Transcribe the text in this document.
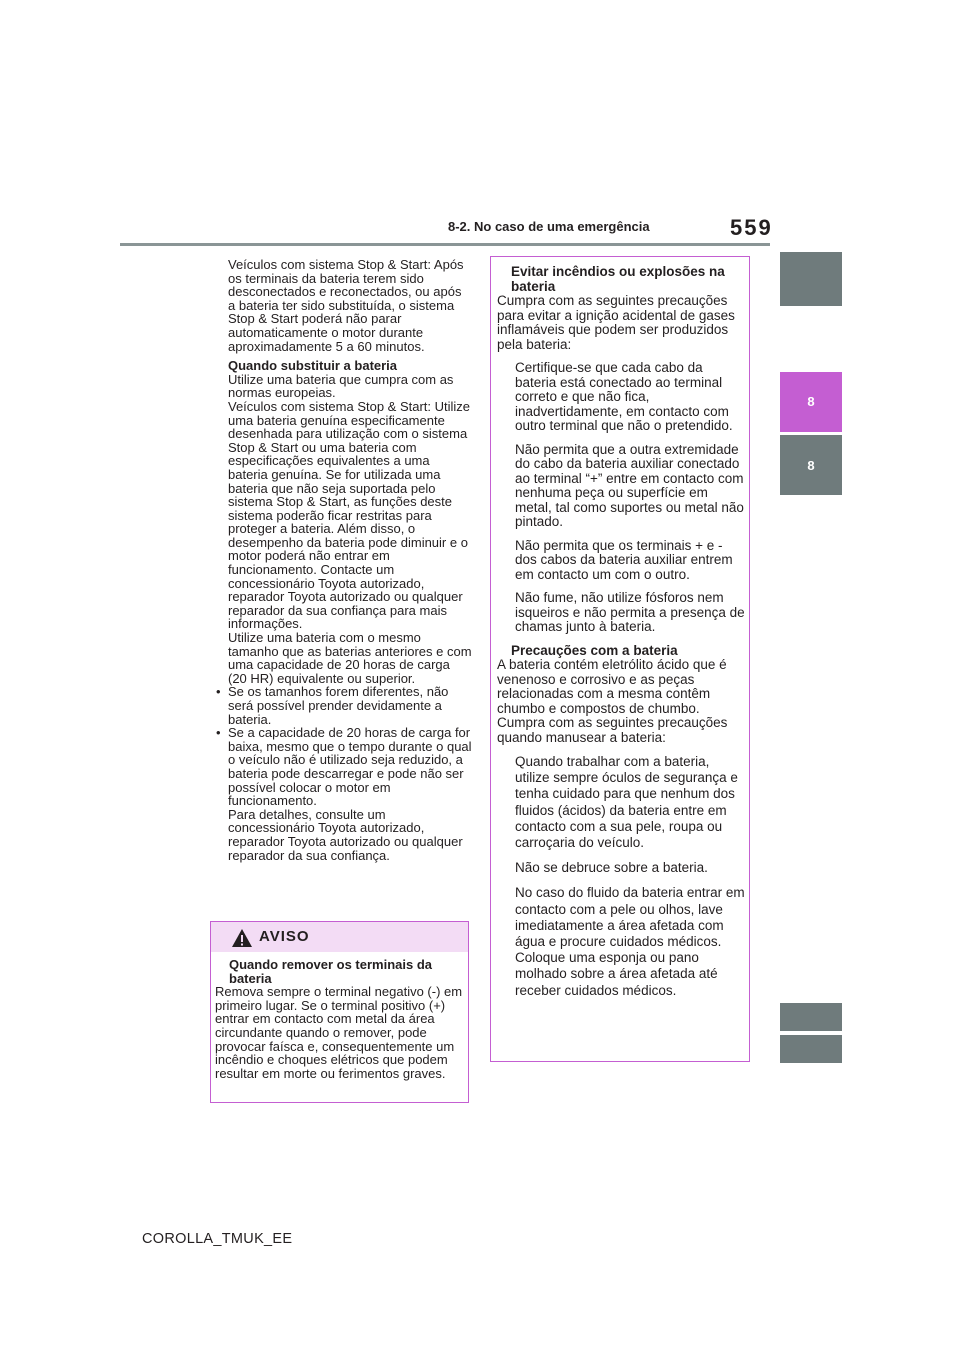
8-2. No caso de uma emergência	559
8
8

Veículos com sistema Stop & Start: Após os terminais da bateria terem sido desconectados e reconectados, ou após a bateria ter sido substituída, o sistema Stop & Start poderá não parar automaticamente o motor durante aproximadamente 5 a 60 minutos.

Quando substituir a bateria
Utilize uma bateria que cumpra com as normas europeias.
Veículos com sistema Stop & Start: Utilize uma bateria genuína especificamente desenhada para utilização com o sistema Stop & Start ou uma bateria com especificações equivalentes a uma bateria genuína. Se for utilizada uma bateria que não seja suportada pelo sistema Stop & Start, as funções deste sistema poderão ficar restritas para proteger a bateria. Além disso, o desempenho da bateria pode diminuir e o motor poderá não entrar em funcionamento. Contacte um concessionário Toyota autorizado, reparador Toyota autorizado ou qualquer reparador da sua confiança para mais informações.
Utilize uma bateria com o mesmo tamanho que as baterias anteriores e com uma capacidade de 20 horas de carga (20 HR) equivalente ou superior.
• Se os tamanhos forem diferentes, não será possível prender devidamente a bateria.
• Se a capacidade de 20 horas de carga for baixa, mesmo que o tempo durante o qual o veículo não é utilizado seja reduzido, a bateria pode descarregar e pode não ser possível colocar o motor em funcionamento.
Para detalhes, consulte um concessionário Toyota autorizado, reparador Toyota autorizado ou qualquer reparador da sua confiança.
AVISO
Quando remover os terminais da bateria
Remova sempre o terminal negativo (-) em primeiro lugar. Se o terminal positivo (+) entrar em contacto com metal da área circundante quando o remover, pode provocar faísca e, consequentemente um incêndio e choques elétricos que podem resultar em morte ou ferimentos graves.
Evitar incêndios ou explosões na bateria

Cumpra com as seguintes precauções para evitar a ignição acidental de gases inflamáveis que podem ser produzidos pela bateria:

Certifique-se que cada cabo da bateria está conectado ao terminal correto e que não fica, inadvertidamente, em contacto com outro terminal que não o pretendido.

Não permita que a outra extremidade do cabo da bateria auxiliar conectado ao terminal “+” entre em contacto com nenhuma peça ou superfície em metal, tal como suportes ou metal não pintado.

Não permita que os terminais + e - dos cabos da bateria auxiliar entrem em contacto um com o outro.

Não fume, não utilize fósforos nem isqueiros e não permita a presença de chamas junto à bateria.

Precauções com a bateria

A bateria contém eletrólito ácido que é venenoso e corrosivo e as peças relacionadas com a mesma contêm chumbo e compostos de chumbo. Cumpra com as seguintes precauções quando manusear a bateria:

Quando trabalhar com a bateria, utilize sempre óculos de segurança e tenha cuidado para que nenhum dos fluidos (ácidos) da bateria entre em contacto com a sua pele, roupa ou carroçaria do veículo.

Não se debruce sobre a bateria.

No caso do fluido da bateria entrar em contacto com a pele ou olhos, lave imediatamente a área afetada com água e procure cuidados médicos. Coloque uma esponja ou pano molhado sobre a área afetada até receber cuidados médicos.

COROLLA_TMUK_EE
